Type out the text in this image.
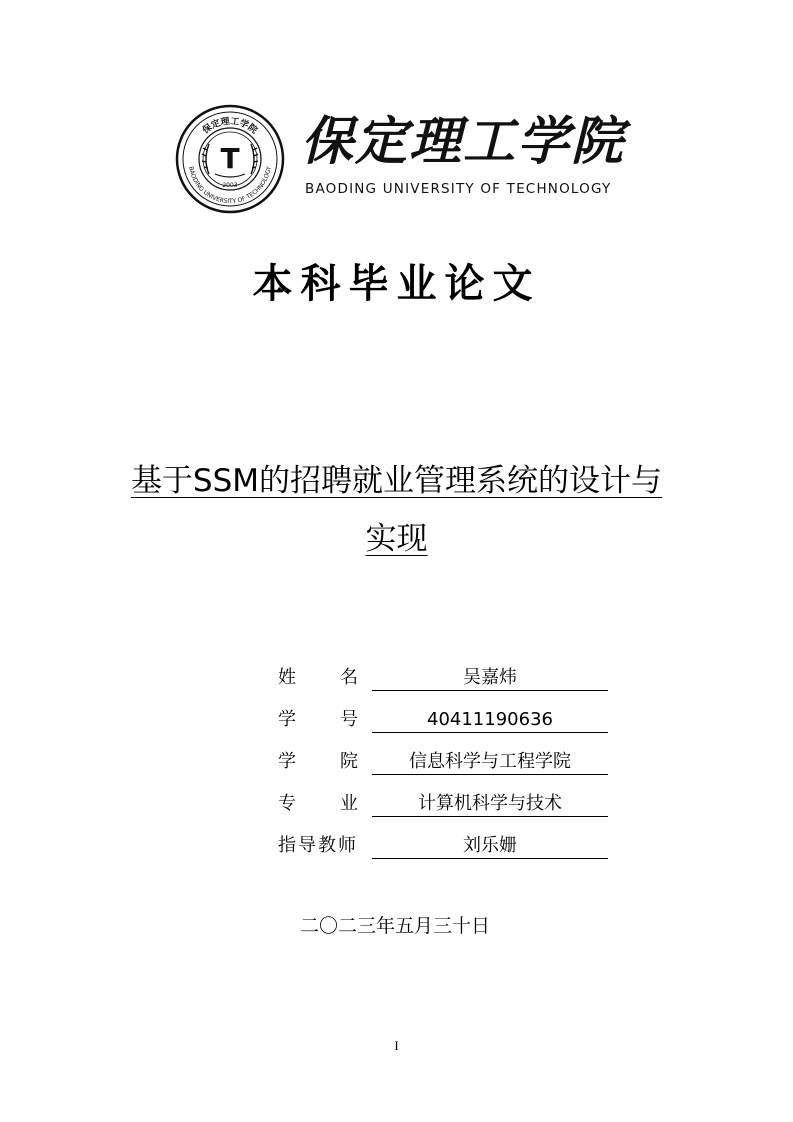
T
2003
保定理工学院
BAODING UNIVERSITY OF TECHNOLOGY 保定理工学院
BAODING UNIVERSITY OF TECHNOLOGY
本科毕业论文
基于SSM的招聘就业管理系统的设计与
实现
姓名	吴嘉炜
学号	40411190636
学院 信息科学与工程学院
专业 计算机科学与技术
指导教师	刘乐姗
二〇二三年五月三十日
I
